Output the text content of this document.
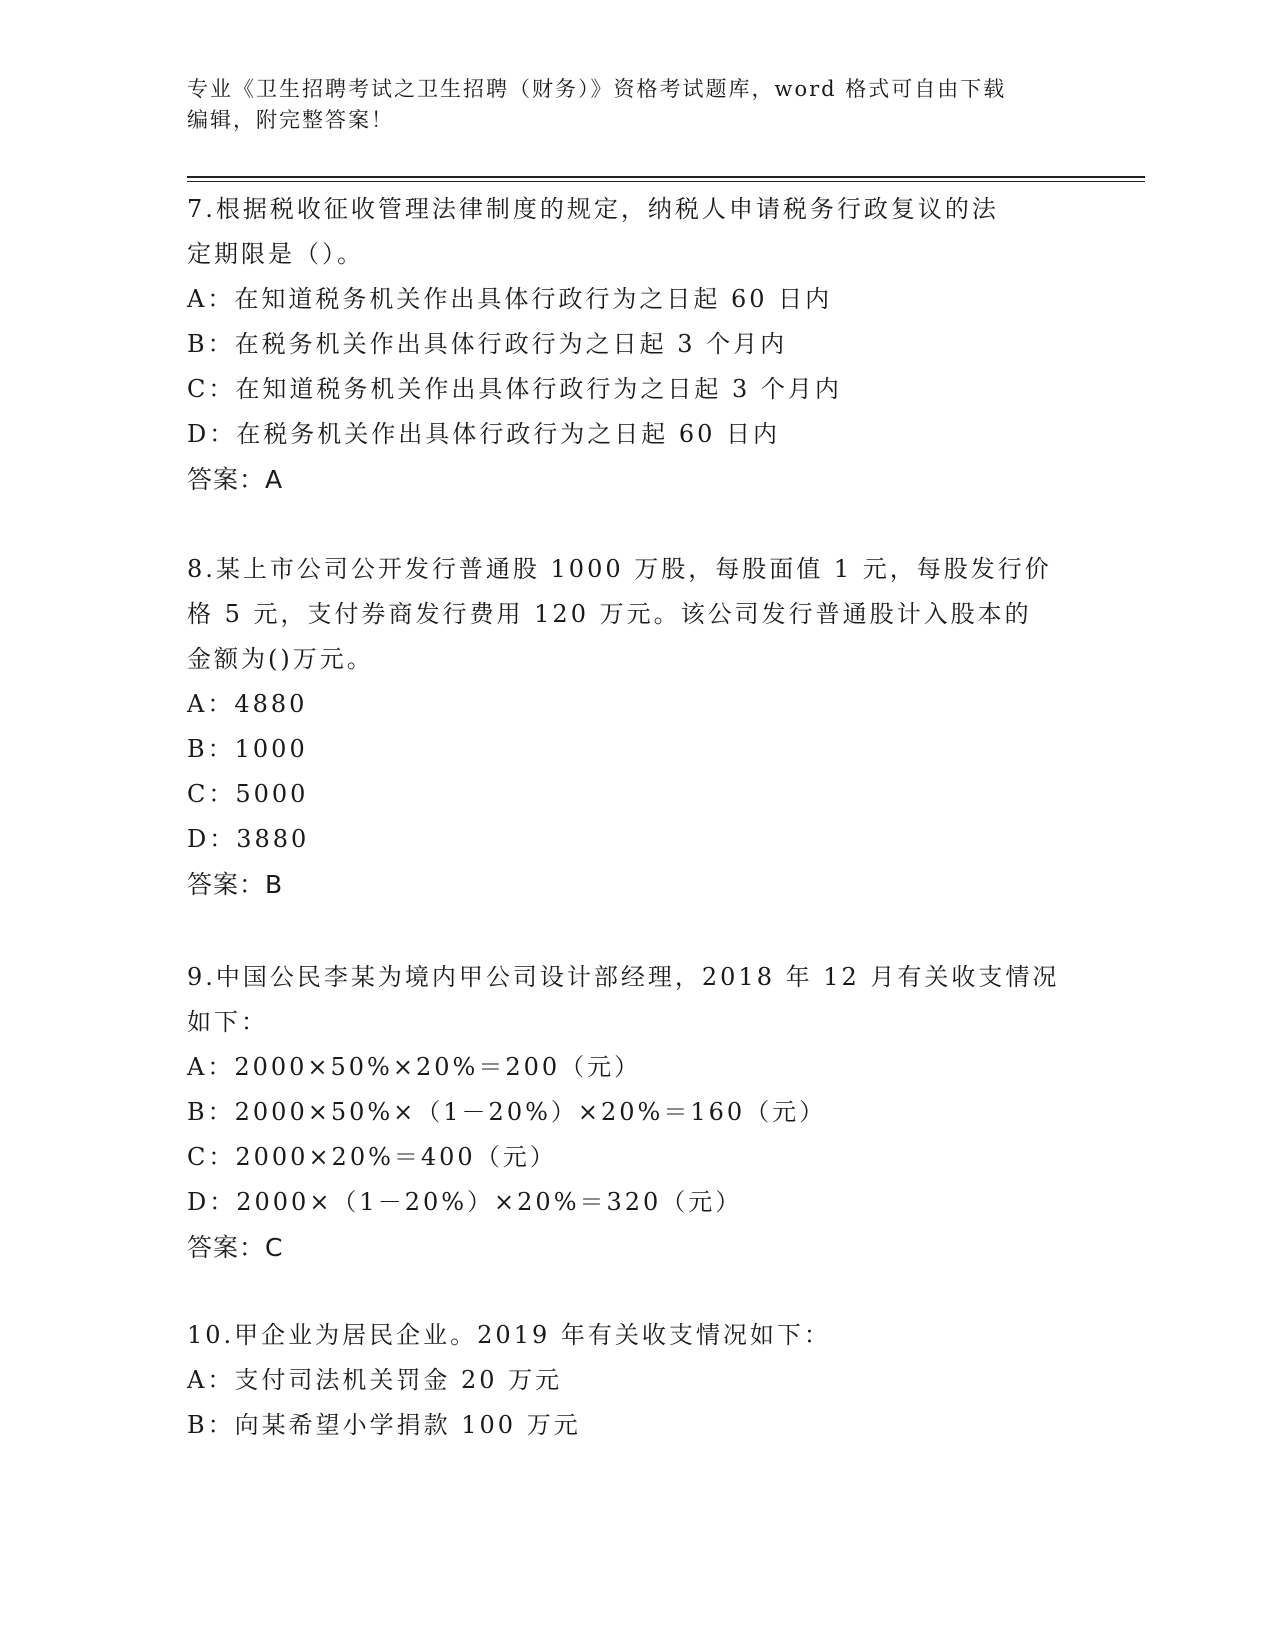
专业《卫生招聘考试之卫生招聘（财务）》资格考试题库，word 格式可自由下载
编辑，附完整答案！
7.根据税收征收管理法律制度的规定，纳税人申请税务行政复议的法
定期限是（）。
A：在知道税务机关作出具体行政行为之日起 60 日内
B：在税务机关作出具体行政行为之日起 3 个月内
C：在知道税务机关作出具体行政行为之日起 3 个月内
D：在税务机关作出具体行政行为之日起 60 日内
答案：A
8.某上市公司公开发行普通股 1000 万股，每股面值 1 元，每股发行价
格 5 元，支付券商发行费用 120 万元。该公司发行普通股计入股本的
金额为()万元。
A：4880
B：1000
C：5000
D：3880
答案：B
9.中国公民李某为境内甲公司设计部经理，2018 年 12 月有关收支情况
如下：
A：2000×50%×20%＝200（元）
B：2000×50%×（1－20%）×20%＝160（元）
C：2000×20%＝400（元）
D：2000×（1－20%）×20%＝320（元）
答案：C
10.甲企业为居民企业。2019 年有关收支情况如下：
A：支付司法机关罚金 20 万元
B：向某希望小学捐款 100 万元
